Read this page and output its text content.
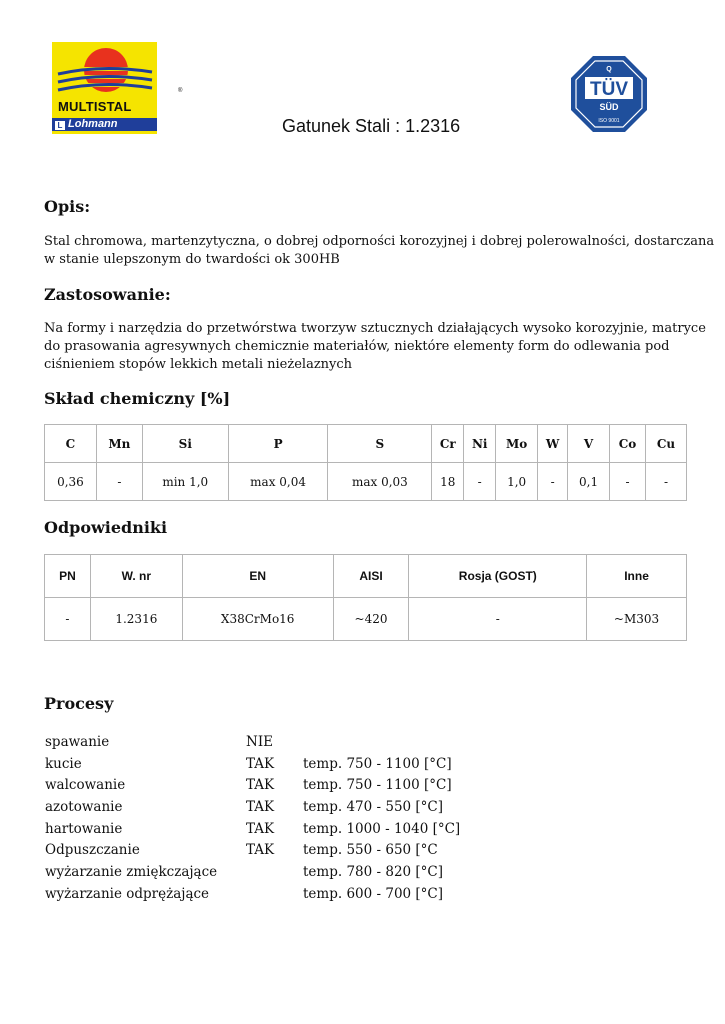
®
MULTISTAL
L Lohmann
Q
TÜV
SÜD
ISO 9001
Gatunek Stali : 1.2316
Opis:

Stal chromowa, martenzytyczna, o dobrej odporności korozyjnej i dobrej polerowalności, dostarczana

w stanie ulepszonym do twardości ok 300HB

Zastosowanie:

Na formy i narzędzia do przetwórstwa tworzyw sztucznych działających wysoko korozyjnie, matryce

do prasowania agresywnych chemicznie materiałów, niektóre elementy form do odlewania pod

ciśnieniem stopów lekkich metali nieżelaznych

Skład chemiczny [%]
C	Mn	Si	P	S	Cr	Ni	Mo	W	V	Co	Cu
0,36	-	min 1,0	max 0,04	max 0,03	18	-	1,0	-	0,1	-	-
Odpowiedniki
PN	W. nr	EN	AISI	Rosja (GOST)	Inne
-	1.2316	X38CrMo16	~420	-	~M303
Procesy
spawanie	NIE
kucie	TAK temp. 750 - 1100 [°C]
walcowanie	TAK temp. 750 - 1100 [°C]
azotowanie	TAK temp. 470 - 550 [°C]
hartowanie	TAK temp. 1000 - 1040 [°C]
Odpuszczanie	TAK temp. 550 - 650 [°C
wyżarzanie zmiękczające	temp. 780 - 820 [°C]
wyżarzanie odprężające	temp. 600 - 700 [°C]
